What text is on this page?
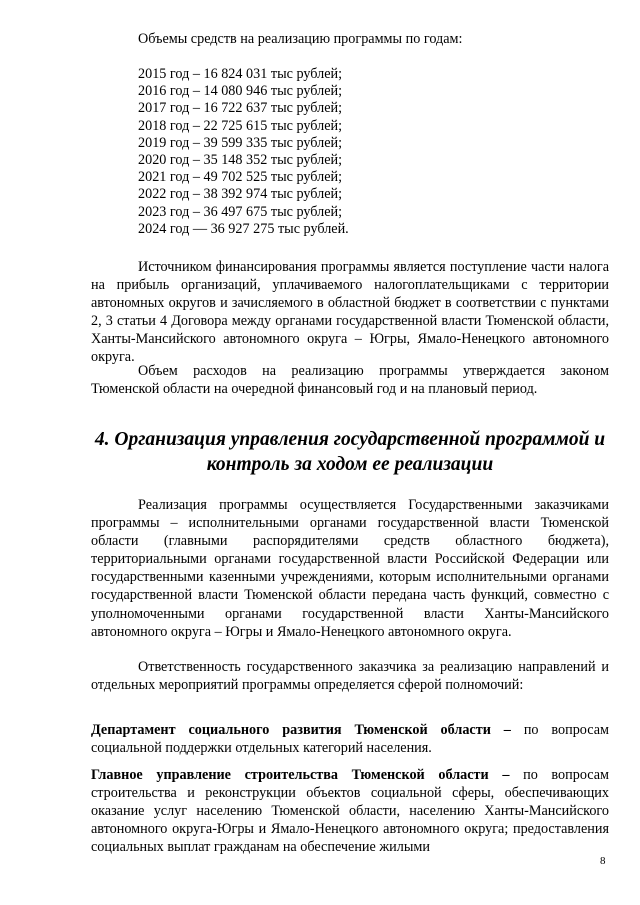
Объемы средств на реализацию программы по годам:

2015 год – 16 824 031 тыс рублей;
2016 год – 14 080 946 тыс рублей;
2017 год – 16 722 637 тыс рублей;
2018 год – 22 725 615 тыс рублей;
2019 год – 39 599 335 тыс рублей;
2020 год – 35 148 352 тыс рублей;
2021 год – 49 702 525 тыс рублей;
2022 год – 38 392 974 тыс рублей;
2023 год – 36 497 675 тыс рублей;
2024 год — 36 927 275 тыс рублей.

Источником финансирования программы является поступление части налога на прибыль организаций, уплачиваемого налогоплательщиками с территории автономных округов и зачисляемого в областной бюджет в соответствии с пунктами 2, 3 статьи 4 Договора между органами государственной власти Тюменской области, Ханты-Мансийского автономного округа – Югры, Ямало-Ненецкого автономного округа.

Объем расходов на реализацию программы утверждается законом Тюменской области на очередной финансовый год и на плановый период.

4. Организация управления государственной программой и
контроль за ходом ее реализации

Реализация программы осуществляется Государственными заказчиками программы – исполнительными органами государственной власти Тюменской области (главными распорядителями средств областного бюджета), территориальными органами государственной власти Российской Федерации или государственными казенными учреждениями, которым исполнительными органами государственной власти Тюменской области передана часть функций, совместно с уполномоченными органами государственной власти Ханты-Мансийского автономного округа – Югры и Ямало-Ненецкого автономного округа.

Ответственность государственного заказчика за реализацию направлений и отдельных мероприятий программы определяется сферой полномочий:

Департамент социального развития Тюменской области – по вопросам социальной поддержки отдельных категорий населения.

Главное управление строительства Тюменской области – по вопросам строительства и реконструкции объектов социальной сферы, обеспечивающих оказание услуг населению Тюменской области, населению Ханты-Мансийского автономного округа-Югры и Ямало-Ненецкого автономного округа; предоставления социальных выплат гражданам на обеспечение жилыми

8
